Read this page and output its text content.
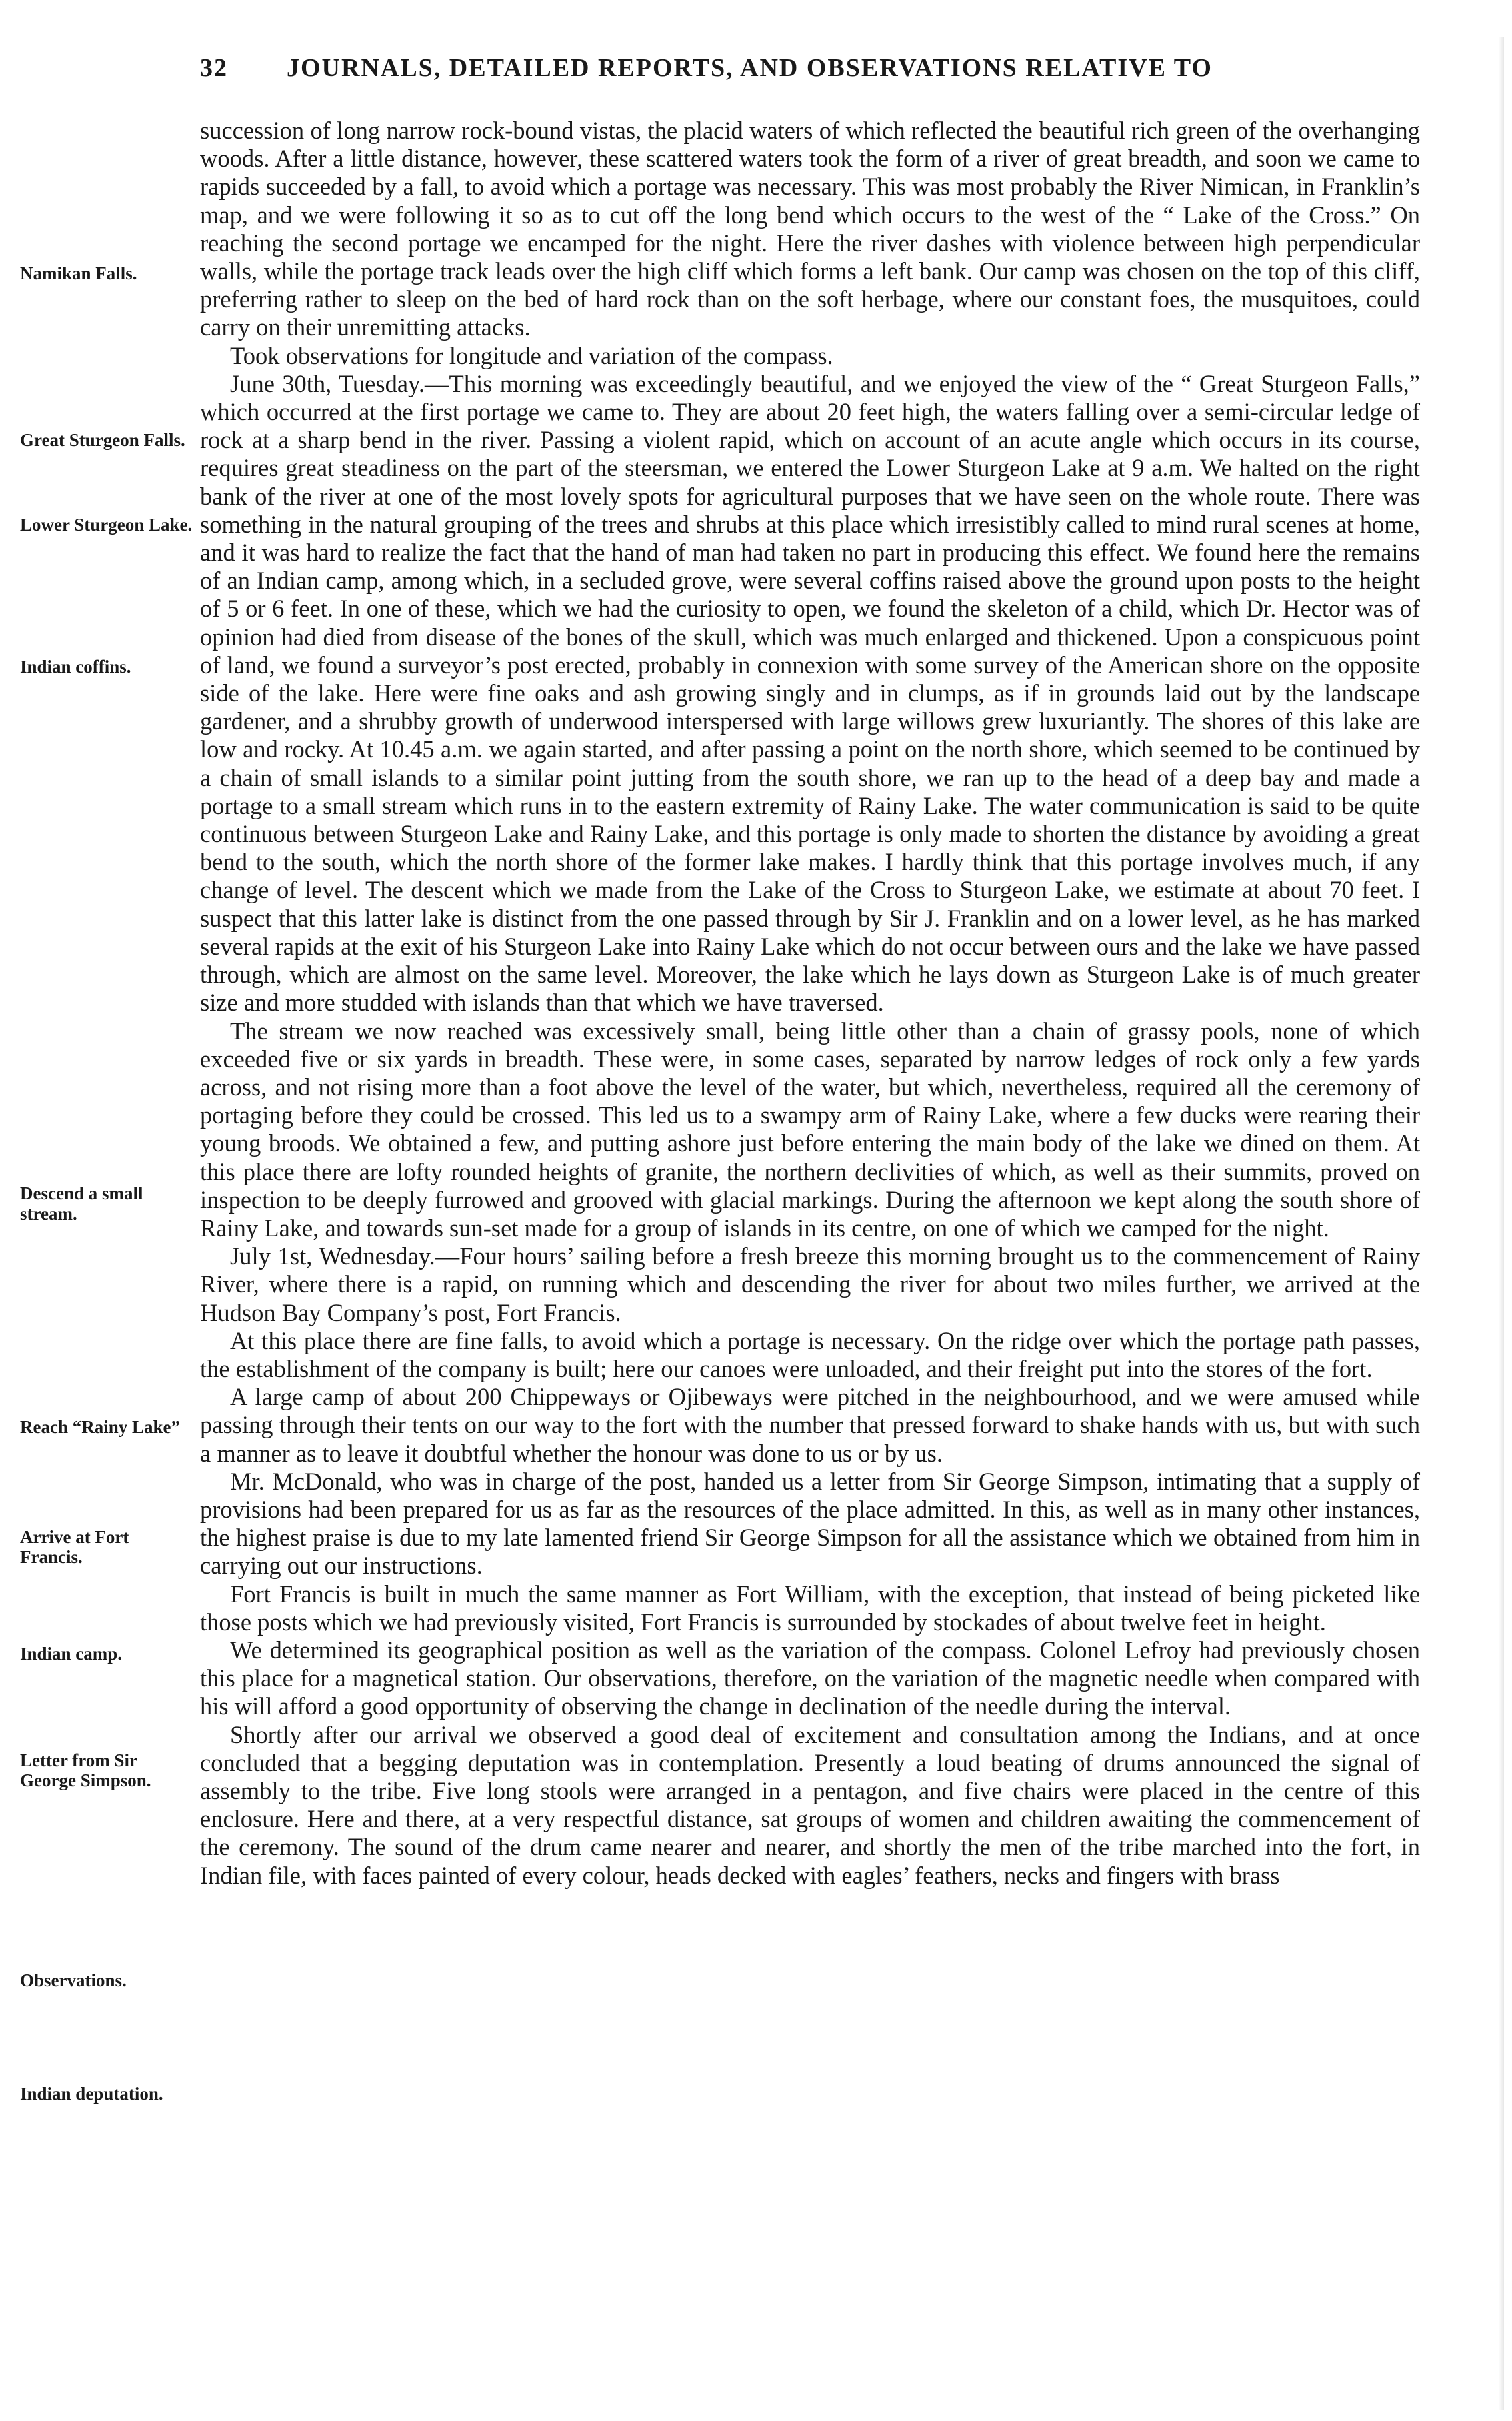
32 JOURNALS, DETAILED REPORTS, AND OBSERVATIONS RELATIVE TO
Namikan Falls.
Great Sturgeon Falls.
Lower Sturgeon Lake.
Indian coffins.
Descend a small stream.
Reach “Rainy Lake”
Arrive at Fort Francis.
Indian camp.
Letter from Sir George Simpson.
Observations.
Indian deputation.

succession of long narrow rock-bound vistas, the placid waters of which reflected the beautiful rich green of the overhanging woods. After a little distance, however, these scattered waters took the form of a river of great breadth, and soon we came to rapids succeeded by a fall, to avoid which a portage was necessary. This was most probably the River Nimican, in Franklin’s map, and we were following it so as to cut off the long bend which occurs to the west of the “ Lake of the Cross.” On reaching the second portage we encamped for the night. Here the river dashes with violence between high perpendicular walls, while the portage track leads over the high cliff which forms a left bank. Our camp was chosen on the top of this cliff, preferring rather to sleep on the bed of hard rock than on the soft herbage, where our constant foes, the musquitoes, could carry on their unremitting attacks.

Took observations for longitude and variation of the compass.

June 30th, Tuesday.—This morning was exceedingly beautiful, and we enjoyed the view of the “ Great Sturgeon Falls,” which occurred at the first portage we came to. They are about 20 feet high, the waters falling over a semi-circular ledge of rock at a sharp bend in the river. Passing a violent rapid, which on account of an acute angle which occurs in its course, requires great steadiness on the part of the steersman, we entered the Lower Sturgeon Lake at 9 a.m. We halted on the right bank of the river at one of the most lovely spots for agricultural purposes that we have seen on the whole route. There was something in the natural grouping of the trees and shrubs at this place which irresistibly called to mind rural scenes at home, and it was hard to realize the fact that the hand of man had taken no part in producing this effect. We found here the remains of an Indian camp, among which, in a secluded grove, were several coffins raised above the ground upon posts to the height of 5 or 6 feet. In one of these, which we had the curiosity to open, we found the skeleton of a child, which Dr. Hector was of opinion had died from disease of the bones of the skull, which was much enlarged and thickened. Upon a conspicuous point of land, we found a surveyor’s post erected, probably in connexion with some survey of the American shore on the opposite side of the lake. Here were fine oaks and ash growing singly and in clumps, as if in grounds laid out by the landscape gardener, and a shrubby growth of underwood interspersed with large willows grew luxuriantly. The shores of this lake are low and rocky. At 10.45 a.m. we again started, and after passing a point on the north shore, which seemed to be continued by a chain of small islands to a similar point jutting from the south shore, we ran up to the head of a deep bay and made a portage to a small stream which runs in to the eastern extremity of Rainy Lake. The water communication is said to be quite continuous between Sturgeon Lake and Rainy Lake, and this portage is only made to shorten the distance by avoiding a great bend to the south, which the north shore of the former lake makes. I hardly think that this portage involves much, if any change of level. The descent which we made from the Lake of the Cross to Sturgeon Lake, we estimate at about 70 feet. I suspect that this latter lake is distinct from the one passed through by Sir J. Franklin and on a lower level, as he has marked several rapids at the exit of his Sturgeon Lake into Rainy Lake which do not occur between ours and the lake we have passed through, which are almost on the same level. Moreover, the lake which he lays down as Sturgeon Lake is of much greater size and more studded with islands than that which we have traversed.

The stream we now reached was excessively small, being little other than a chain of grassy pools, none of which exceeded five or six yards in breadth. These were, in some cases, separated by narrow ledges of rock only a few yards across, and not rising more than a foot above the level of the water, but which, nevertheless, required all the ceremony of portaging before they could be crossed. This led us to a swampy arm of Rainy Lake, where a few ducks were rearing their young broods. We obtained a few, and putting ashore just before entering the main body of the lake we dined on them. At this place there are lofty rounded heights of granite, the northern declivities of which, as well as their summits, proved on inspection to be deeply furrowed and grooved with glacial markings. During the afternoon we kept along the south shore of Rainy Lake, and towards sun-set made for a group of islands in its centre, on one of which we camped for the night.

July 1st, Wednesday.—Four hours’ sailing before a fresh breeze this morning brought us to the commencement of Rainy River, where there is a rapid, on running which and descending the river for about two miles further, we arrived at the Hudson Bay Company’s post, Fort Francis.

At this place there are fine falls, to avoid which a portage is necessary. On the ridge over which the portage path passes, the establishment of the company is built; here our canoes were unloaded, and their freight put into the stores of the fort.

A large camp of about 200 Chippeways or Ojibeways were pitched in the neighbourhood, and we were amused while passing through their tents on our way to the fort with the number that pressed forward to shake hands with us, but with such a manner as to leave it doubtful whether the honour was done to us or by us.

Mr. McDonald, who was in charge of the post, handed us a letter from Sir George Simpson, intimating that a supply of provisions had been prepared for us as far as the resources of the place admitted. In this, as well as in many other instances, the highest praise is due to my late lamented friend Sir George Simpson for all the assistance which we obtained from him in carrying out our instructions.

Fort Francis is built in much the same manner as Fort William, with the exception, that instead of being picketed like those posts which we had previously visited, Fort Francis is surrounded by stockades of about twelve feet in height.

We determined its geographical position as well as the variation of the compass. Colonel Lefroy had previously chosen this place for a magnetical station. Our observations, therefore, on the variation of the magnetic needle when compared with his will afford a good opportunity of observing the change in declination of the needle during the interval.

Shortly after our arrival we observed a good deal of excitement and consultation among the Indians, and at once concluded that a begging deputation was in contemplation. Presently a loud beating of drums announced the signal of assembly to the tribe. Five long stools were arranged in a pentagon, and five chairs were placed in the centre of this enclosure. Here and there, at a very respectful distance, sat groups of women and children awaiting the commencement of the ceremony. The sound of the drum came nearer and nearer, and shortly the men of the tribe marched into the fort, in Indian file, with faces painted of every colour, heads decked with eagles’ feathers, necks and fingers with brass
